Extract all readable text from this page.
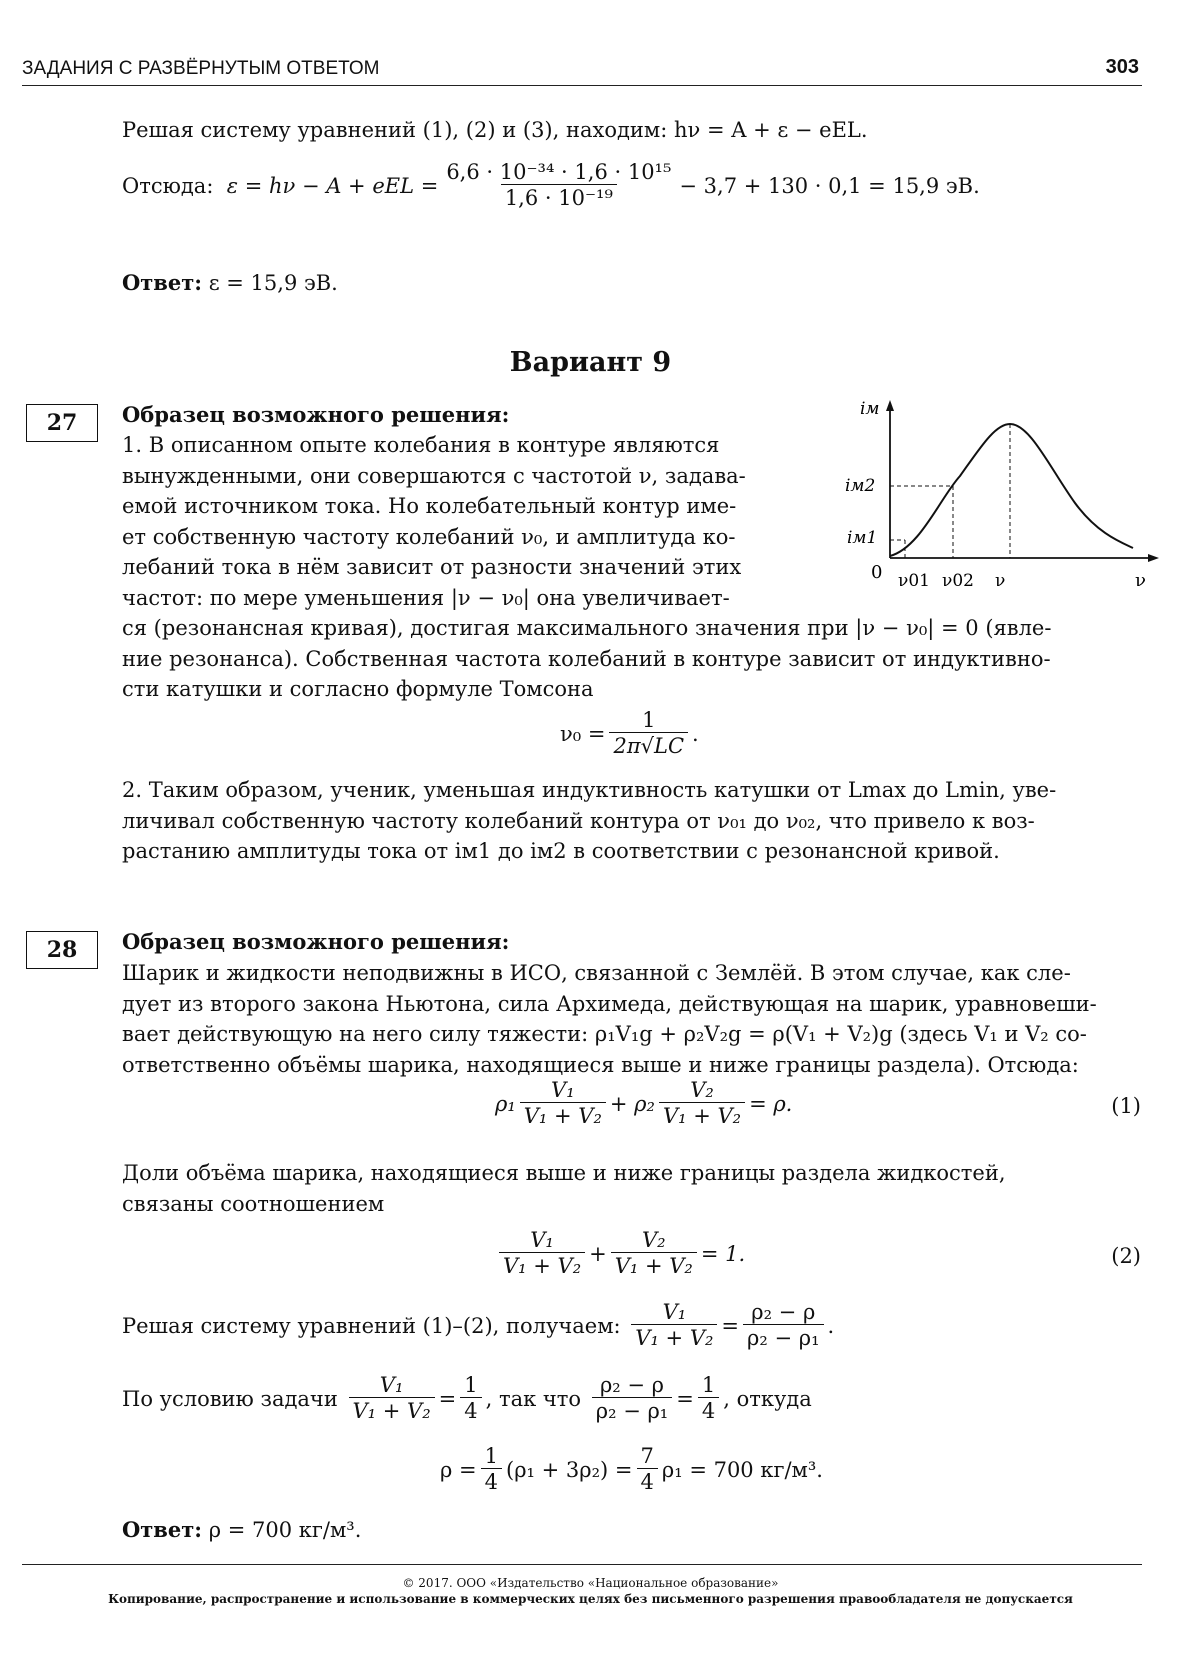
ЗАДАНИЯ С РАЗВЁРНУТЫМ ОТВЕТОМ	303
Решая систему уравнений (1), (2) и (3), находим: hν = A + ε − eEL.
Отсюда:
ε = hν − A + eEL = $\frac{\text{6,6 · 10⁻³⁴ · 1,6 · 10¹⁵}}{\text{1,6 · 10⁻¹⁹}} - 3,7 + 130 \cdot 0,1 = 15,9$ эВ.
Ответ: ε = 15,9 эВ.
Вариант 9
27	Образец возможного решения:
1. В описанном опыте колебания в контуре являются
вынужденными, они совершаются с частотой ν, задава-
емой источником тока. Но колебательный контур име-
ет собственную частоту колебаний ν₀, и амплитуда ко-
лебаний тока в нём зависит от разности значений этих
частот: по мере уменьшения |ν − ν₀| она увеличивает-
iм
iм2
iм1
0 ν01 ν02 ν	ν
ся (резонансная кривая), достигая максимального значения при |ν − ν₀| = 0 (явле-
ние резонанса). Собственная частота колебаний в контуре зависит от индуктивно-
сти катушки и согласно формуле Томсона
$\nu_0 = \frac{1}{2\pi√LC}$ .
2. Таким образом, ученик, уменьшая индуктивность катушки от Lmax до Lmin, уве-
личивал собственную частоту колебаний контура от ν₀₁ до ν₀₂, что привело к воз-
растанию амплитуды тока от iм1 до iм2 в соответствии с резонансной кривой.
28	Образец возможного решения:
Шарик и жидкости неподвижны в ИСО, связанной с Землёй. В этом случае, как сле-
дует из второго закона Ньютона, сила Архимеда, действующая на шарик, уравновеши-
вает действующую на него силу тяжести: ρ₁V₁g + ρ₂V₂g = ρ(V₁ + V₂)g (здесь V₁ и V₂ со-
ответственно объёмы шарика, находящиеся выше и ниже границы раздела). Отсюда:
$\rho_1 \frac{\text{V₁}}{\text{V₁ + V₂}} + \rho_2 \frac{\text{V₂}}{\text{V₁ + V₂}} = \rho$.	(1)
Доли объёма шарика, находящиеся выше и ниже границы раздела жидкостей,
связаны соотношением
$\frac{\text{V₁}}{\text{V₁ + V₂}} + \frac{\text{V₂}}{\text{V₁ + V₂}} = 1$.	(2)
Решая систему уравнений (1)–(2), получаем:
$\frac{\text{V₁}}{\text{V₁ + V₂}} = \frac{\text{ρ₂ − ρ}}{\text{ρ₂ − ρ₁}}$ .
По условию задачи
$\frac{\text{V₁}}{\text{V₁ + V₂}} = \frac{1}{4}$ , так что
$\frac{\text{ρ₂ − ρ}}{\text{ρ₂ − ρ₁}} = \frac{1}{4}$ , откуда
$\rho = \frac{1}{4} (\rho_1 + 3\rho_2) = \frac{7}{4} \rho_1 = 700$ кг/м³.
Ответ: ρ = 700 кг/м³.
© 2017. ООО «Издательство «Национальное образование»
Копирование, распространение и использование в коммерческих целях без письменного разрешения правообладателя не допускается
